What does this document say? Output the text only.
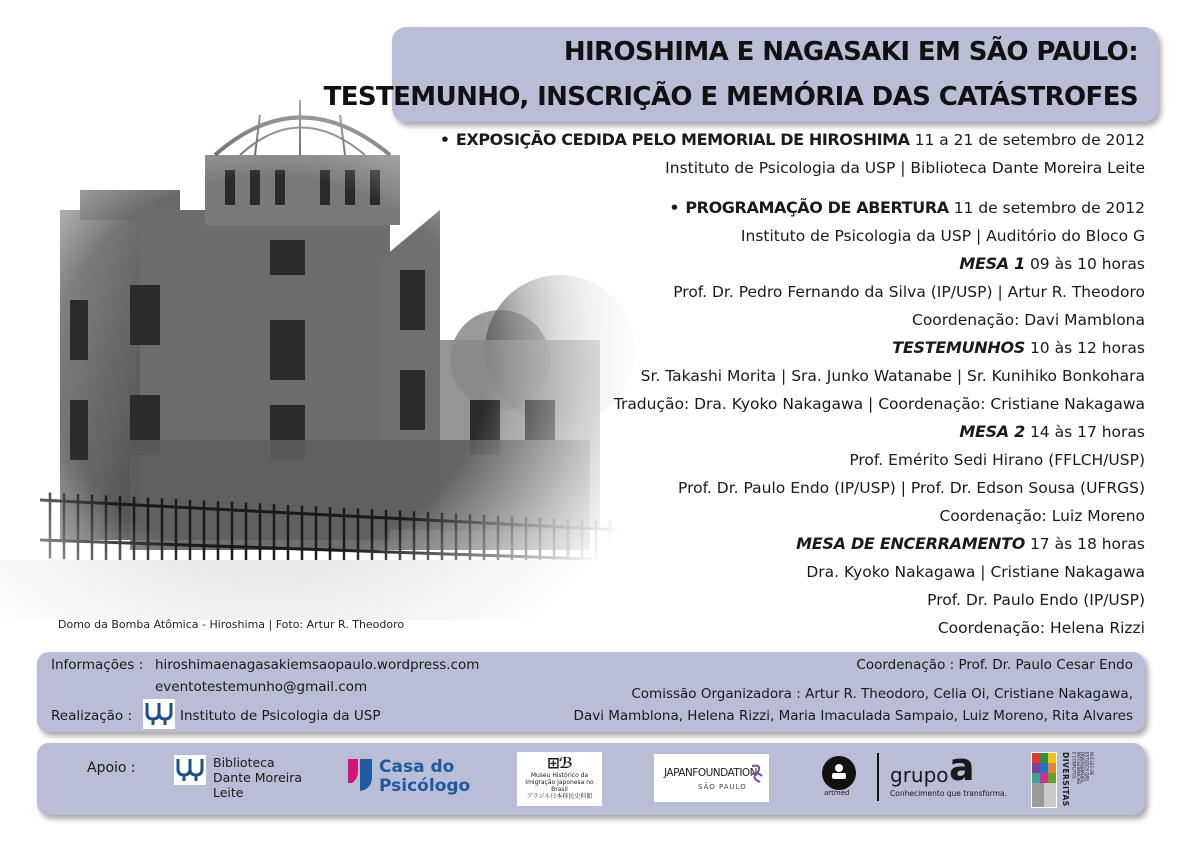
Domo da Bomba Atômica - Hiroshima | Foto: Artur R. Theodoro
HIROSHIMA E NAGASAKI EM SÃO PAULO:
TESTEMUNHO, INSCRIÇÃO E MEMÓRIA DAS CATÁSTROFES
• EXPOSIÇÃO CEDIDA PELO MEMORIAL DE HIROSHIMA 11 a 21 de setembro de 2012
Instituto de Psicologia da USP | Biblioteca Dante Moreira Leite
• PROGRAMAÇÃO DE ABERTURA 11 de setembro de 2012
Instituto de Psicologia da USP | Auditório do Bloco G
MESA 1 09 às 10 horas
Prof. Dr. Pedro Fernando da Silva (IP/USP) | Artur R. Theodoro
Coordenação: Davi Mamblona
TESTEMUNHOS 10 às 12 horas
Sr. Takashi Morita | Sra. Junko Watanabe | Sr. Kunihiko Bonkohara
Tradução: Dra. Kyoko Nakagawa | Coordenação: Cristiane Nakagawa
MESA 2 14 às 17 horas
Prof. Emérito Sedi Hirano (FFLCH/USP)
Prof. Dr. Paulo Endo (IP/USP) | Prof. Dr. Edson Sousa (UFRGS)
Coordenação: Luiz Moreno
MESA DE ENCERRAMENTO 17 às 18 horas
Dra. Kyoko Nakagawa | Cristiane Nakagawa
Prof. Dr. Paulo Endo (IP/USP)
Coordenação: Helena Rizzi
Informações : hiroshimaenagasakiemsaopaulo.wordpress.com
eventotestemunho@gmail.com
Realização :	Instituto de Psicologia da USP
Coordenação : Prof. Dr. Paulo Cesar Endo
Comissão Organizadora : Artur R. Theodoro, Celia Oi, Cristiane Nakagawa,
Davi Mamblona, Helena Rizzi, Maria Imaculada Sampaio, Luiz Moreno, Rita Alvares
Apoio :	Biblioteca
Dante Moreira
Leite
Casa do
Psicólogo
⊞ℬ
Museu Histórico da
Imigração Japonesa no Brasil
ブラジル日本移民史料館
JAPANFOUNDATION
SÃO PAULO
artmed
grupo a
Conhecimento que transforma.	DIVERSITAS	NÚCLEO DE
ESTUDOS DAS
DIVERSIDADES,
INTOLERÂNCIAS
E CONFLITOS
